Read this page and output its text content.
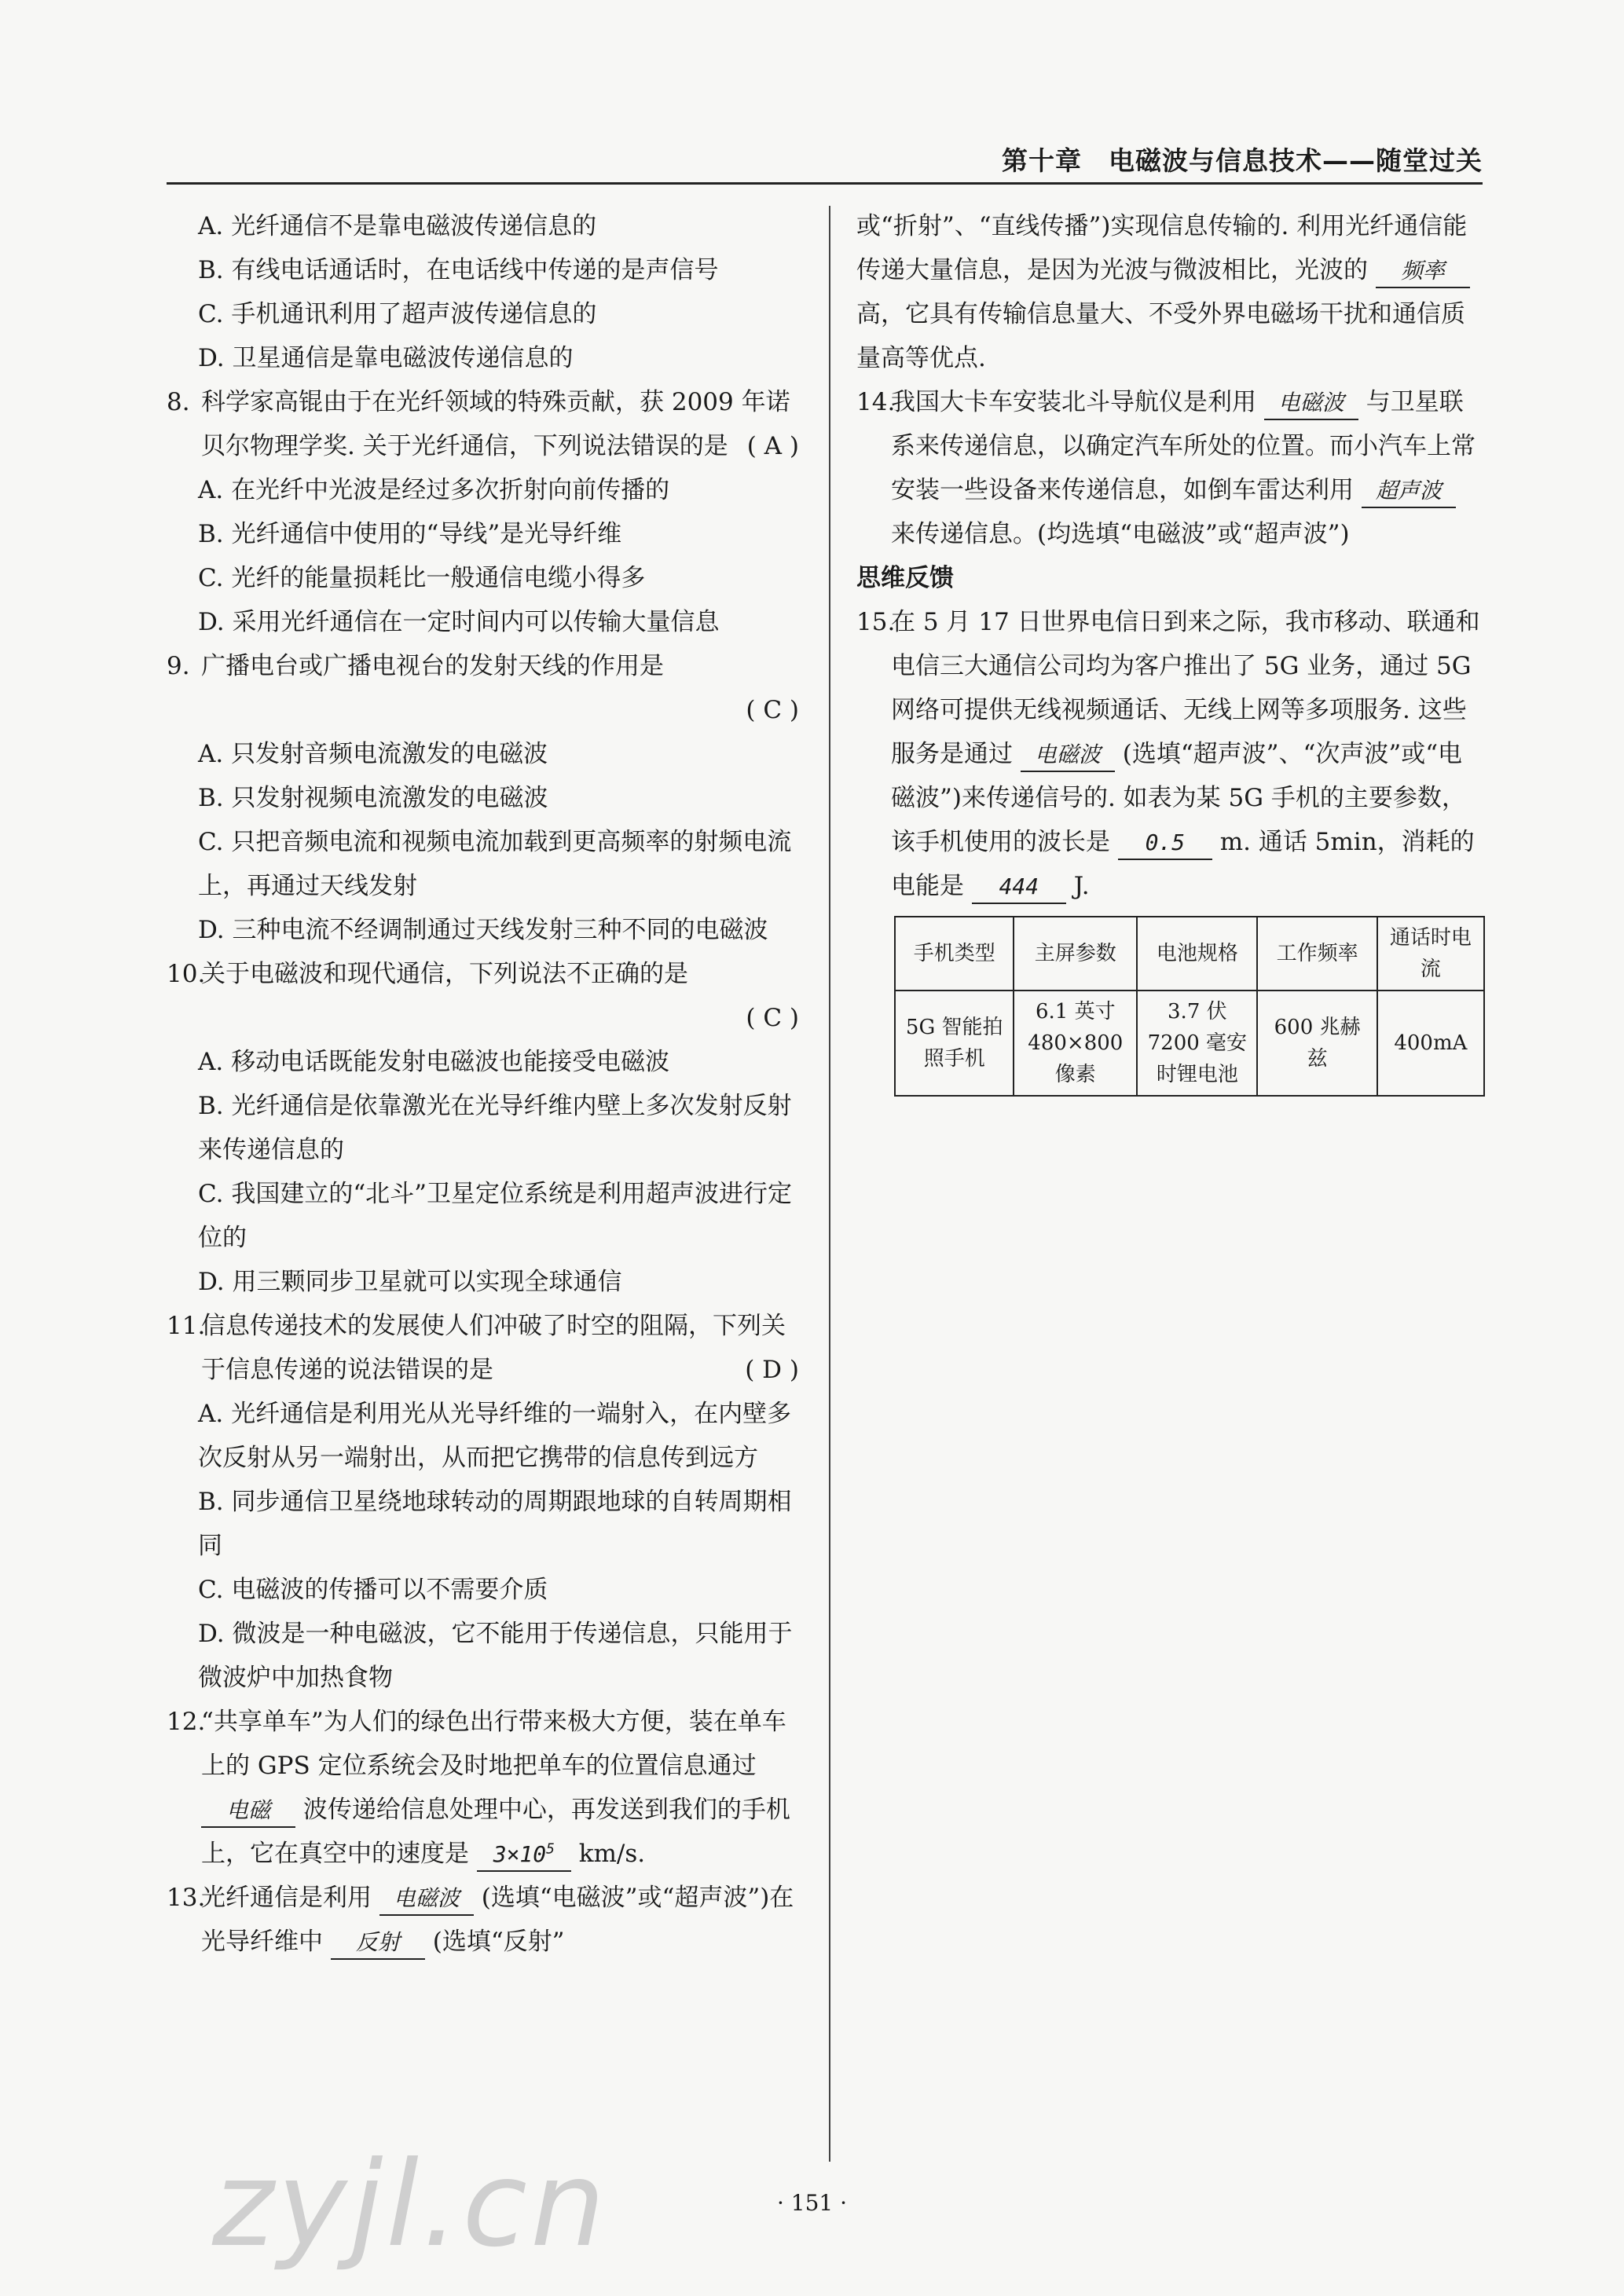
第十章　电磁波与信息技术——随堂过关
A. 光纤通信不是靠电磁波传递信息的
B. 有线电话通话时，在电话线中传递的是声信号
C. 手机通讯利用了超声波传递信息的
D. 卫星通信是靠电磁波传递信息的
8. 科学家高锟由于在光纤领域的特殊贡献，获 2009 年诺贝尔物理学奖. 关于光纤通信，下列说法错误的是 ( A )
A. 在光纤中光波是经过多次折射向前传播的
B. 光纤通信中使用的“导线”是光导纤维
C. 光纤的能量损耗比一般通信电缆小得多
D. 采用光纤通信在一定时间内可以传输大量信息
9. 广播电台或广播电视台的发射天线的作用是
( C )
A. 只发射音频电流激发的电磁波
B. 只发射视频电流激发的电磁波
C. 只把音频电流和视频电流加载到更高频率的射频电流上，再通过天线发射
D. 三种电流不经调制通过天线发射三种不同的电磁波
10.
关于电磁波和现代通信，下列说法不正确的是
( C )
A. 移动电话既能发射电磁波也能接受电磁波
B. 光纤通信是依靠激光在光导纤维内壁上多次发射反射来传递信息的
C. 我国建立的“北斗”卫星定位系统是利用超声波进行定位的
D. 用三颗同步卫星就可以实现全球通信
11.
信息传递技术的发展使人们冲破了时空的阻隔，下列关于信息传递的说法错误的是	( D )
A. 光纤通信是利用光从光导纤维的一端射入，在内壁多次反射从另一端射出，从而把它携带的信息传到远方
B. 同步通信卫星绕地球转动的周期跟地球的自转周期相同
C. 电磁波的传播可以不需要介质
D. 微波是一种电磁波，它不能用于传递信息，只能用于微波炉中加热食物
12.
“共享单车”为人们的绿色出行带来极大方便，装在单车上的 GPS 定位系统会及时地把单车的位置信息通过 电磁 波传递给信息处理中心，再发送到我们的手机上，它在真空中的速度是 $3\times 10^5$ km/s.
13.
光纤通信是利用 电磁波 (选填“电磁波”或“超声波”)在光导纤维中 反射 (选填“反射”
或“折射”、“直线传播”)实现信息传输的. 利用光纤通信能传递大量信息，是因为光波与微波相比，光波的 频率 高，它具有传输信息量大、不受外界电磁场干扰和通信质量高等优点.
14.
我国大卡车安装北斗导航仪是利用 电磁波 与卫星联系来传递信息，以确定汽车所处的位置。而小汽车上常安装一些设备来传递信息，如倒车雷达利用 超声波 来传递信息。(均选填“电磁波”或“超声波”)
思维反馈
15.
在 5 月 17 日世界电信日到来之际，我市移动、联通和电信三大通信公司均为客户推出了 5G 业务，通过 5G 网络可提供无线视频通话、无线上网等多项服务. 这些服务是通过 电磁波 (选填“超声波”、“次声波”或“电磁波”)来传递信号的. 如表为某 5G 手机的主要参数，该手机使用的波长是 0.5 m. 通话 5min，消耗的电能是 444 J.
手机类型	主屏参数	电池规格	工作频率	通话时电流
5G 智能拍照手机	6.1 英寸 480×800 像素	3.7 伏 7200 毫安时锂电池	600 兆赫兹	400mA
zyjl.cn	· 151 ·
